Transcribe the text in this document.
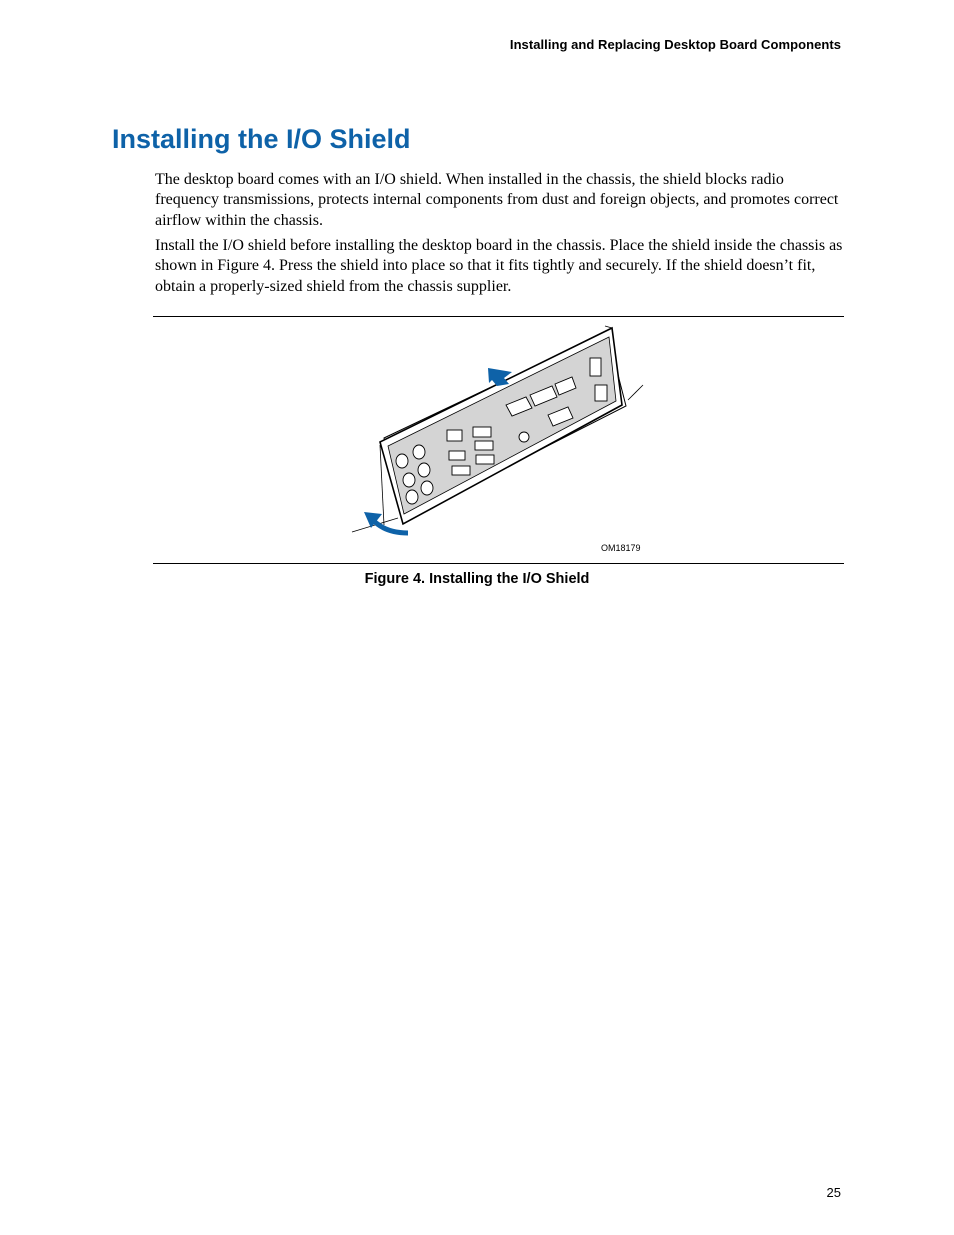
Installing and Replacing Desktop Board Components
Installing the I/O Shield

The desktop board comes with an I/O shield. When installed in the chassis, the shield blocks radio frequency transmissions, protects internal components from dust and foreign objects, and promotes correct airflow within the chassis.

Install the I/O shield before installing the desktop board in the chassis. Place the shield inside the chassis as shown in Figure 4. Press the shield into place so that it fits tightly and securely. If the shield doesn’t fit, obtain a properly-sized shield from the chassis supplier.

OM18179
Figure 4. Installing the I/O Shield
25
